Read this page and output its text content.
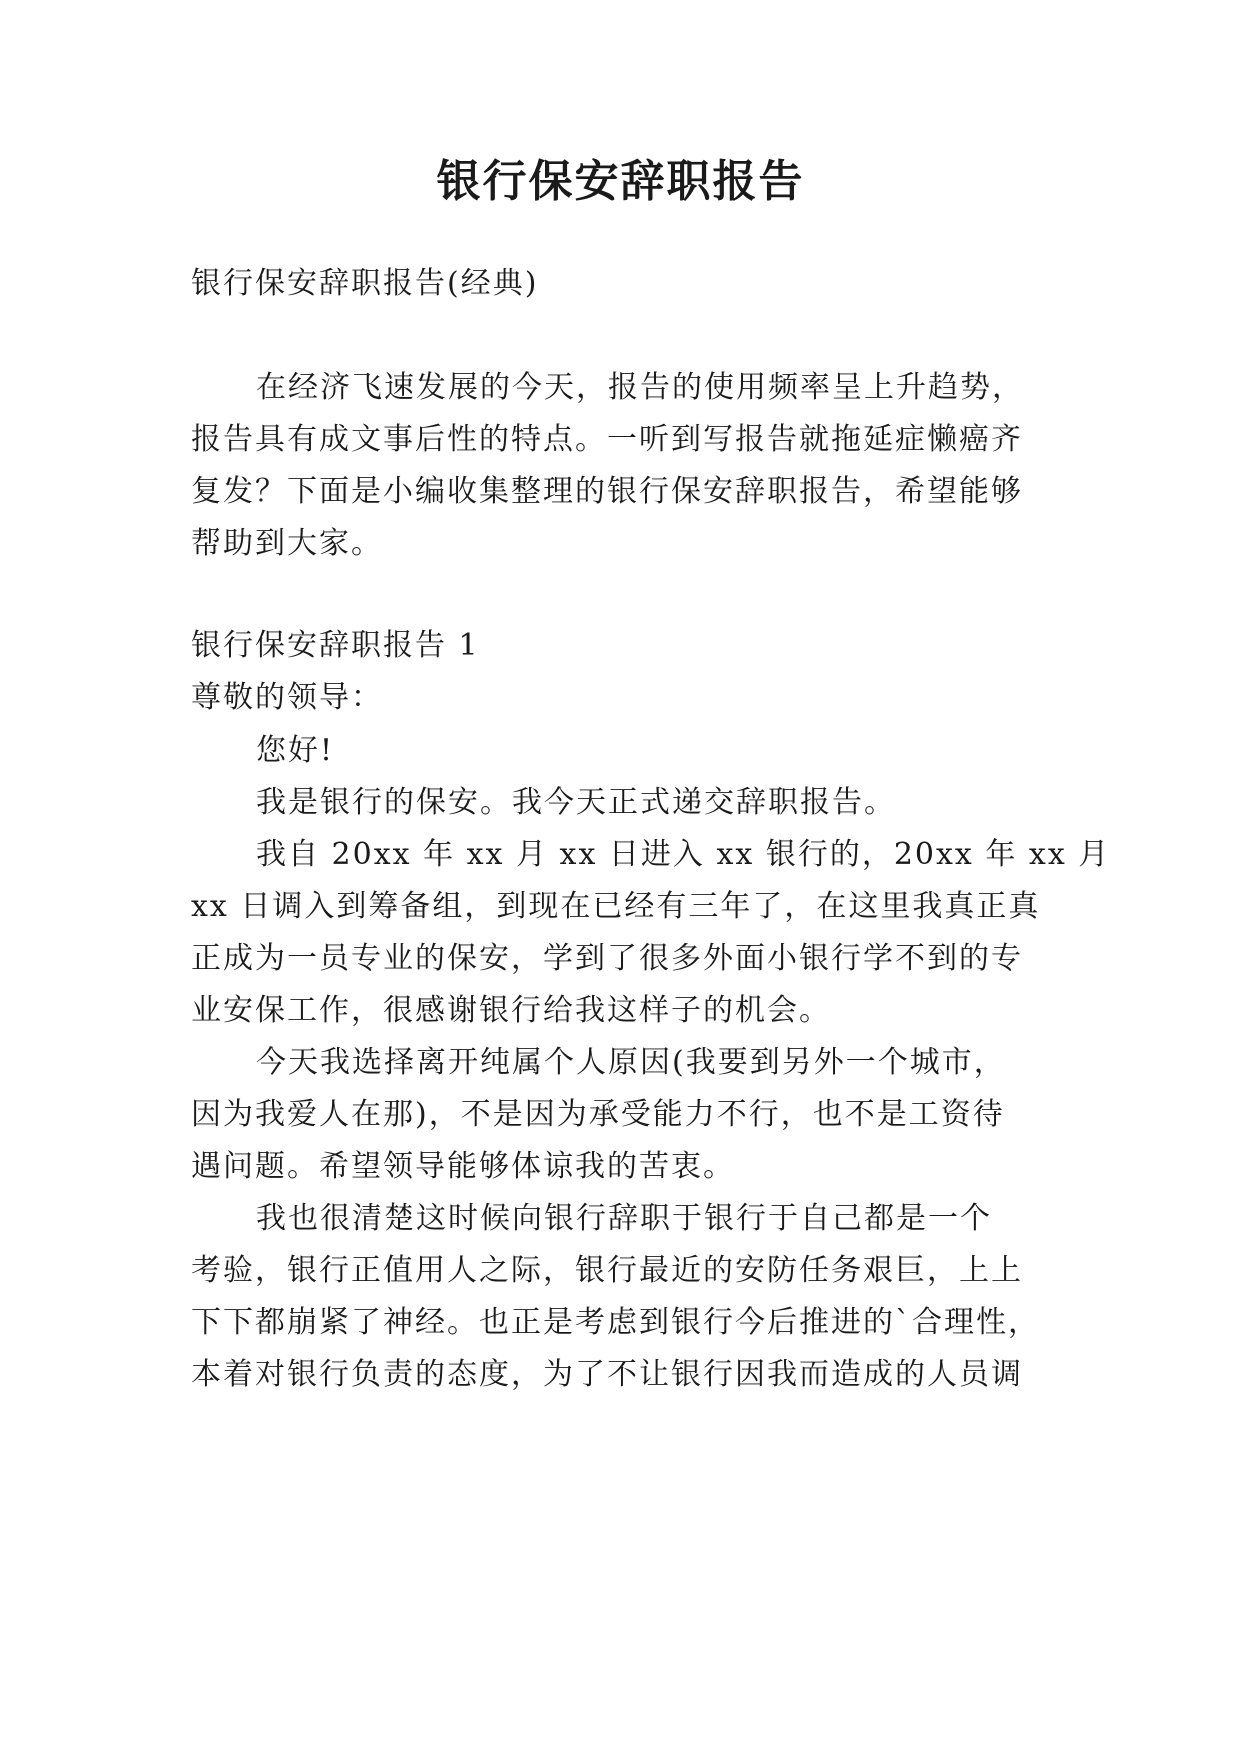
银行保安辞职报告
银行保安辞职报告(经典)
在经济飞速发展的今天，报告的使用频率呈上升趋势，
报告具有成文事后性的特点。一听到写报告就拖延症懒癌齐
复发？下面是小编收集整理的银行保安辞职报告，希望能够
帮助到大家。
银行保安辞职报告 1
尊敬的领导：
您好!
我是银行的保安。我今天正式递交辞职报告。
我自 20xx 年 xx 月 xx 日进入 xx 银行的，20xx 年 xx 月
xx 日调入到筹备组，到现在已经有三年了，在这里我真正真
正成为一员专业的保安，学到了很多外面小银行学不到的专
业安保工作，很感谢银行给我这样子的机会。
今天我选择离开纯属个人原因(我要到另外一个城市，
因为我爱人在那)，不是因为承受能力不行，也不是工资待
遇问题。希望领导能够体谅我的苦衷。
我也很清楚这时候向银行辞职于银行于自己都是一个
考验，银行正值用人之际，银行最近的安防任务艰巨，上上
下下都崩紧了神经。也正是考虑到银行今后推进的`合理性，
本着对银行负责的态度，为了不让银行因我而造成的人员调
